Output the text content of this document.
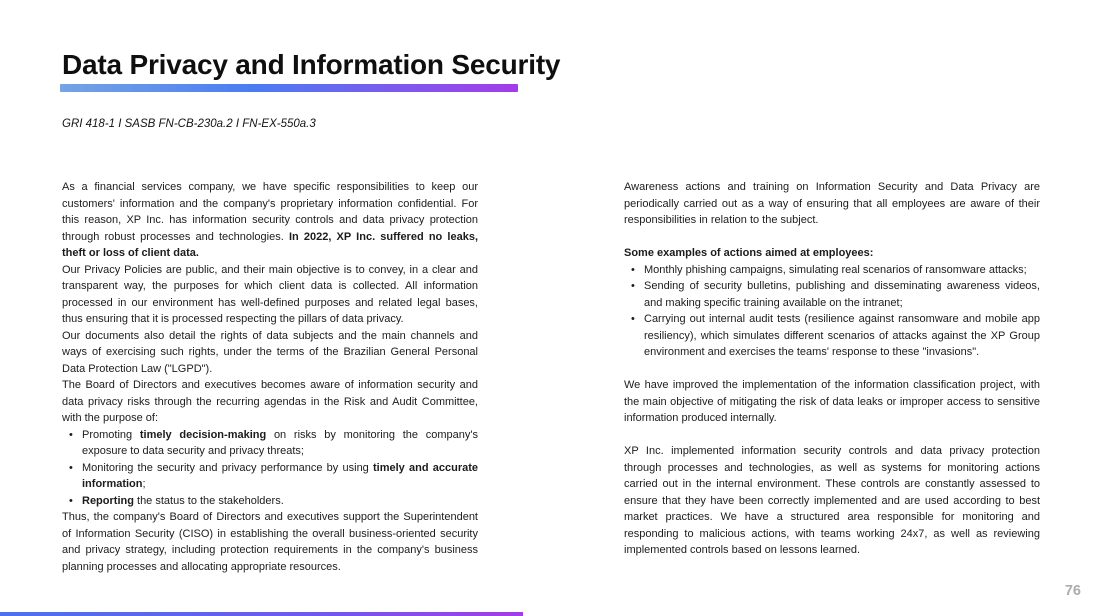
Data Privacy and Information Security
GRI 418-1 I SASB FN-CB-230a.2 I FN-EX-550a.3

As a financial services company, we have specific responsibilities to keep our customers' information and the company's proprietary information confidential. For this reason, XP Inc. has information security controls and data privacy protection through robust processes and technologies. In 2022, XP Inc. suffered no leaks, theft or loss of client data.

Our Privacy Policies are public, and their main objective is to convey, in a clear and transparent way, the purposes for which client data is collected. All information processed in our environment has well-defined purposes and related legal bases, thus ensuring that it is processed respecting the pillars of data privacy.

Our documents also detail the rights of data subjects and the main channels and ways of exercising such rights, under the terms of the Brazilian General Personal Data Protection Law ("LGPD").

The Board of Directors and executives becomes aware of information security and data privacy risks through the recurring agendas in the Risk and Audit Committee, with the purpose of:

• Promoting timely decision-making on risks by monitoring the company's exposure to data security and privacy threats;
• Monitoring the security and privacy performance by using timely and accurate information;
• Reporting the status to the stakeholders.

Thus, the company's Board of Directors and executives support the Superintendent of Information Security (CISO) in establishing the overall business-oriented security and privacy strategy, including protection requirements in the company's business planning processes and allocating appropriate resources.

Awareness actions and training on Information Security and Data Privacy are periodically carried out as a way of ensuring that all employees are aware of their responsibilities in relation to the subject.

Some examples of actions aimed at employees:

• Monthly phishing campaigns, simulating real scenarios of ransomware attacks;
• Sending of security bulletins, publishing and disseminating awareness videos, and making specific training available on the intranet;
• Carrying out internal audit tests (resilience against ransomware and mobile app resiliency), which simulates different scenarios of attacks against the XP Group environment and exercises the teams' response to these "invasions".

We have improved the implementation of the information classification project, with the main objective of mitigating the risk of data leaks or improper access to sensitive information produced internally.

XP Inc. implemented information security controls and data privacy protection through processes and technologies, as well as systems for monitoring actions carried out in the internal environment. These controls are constantly assessed to ensure that they have been correctly implemented and are used according to best market practices. We have a structured area responsible for monitoring and responding to malicious actions, with teams working 24x7, as well as reviewing implemented controls based on lessons learned.

76
